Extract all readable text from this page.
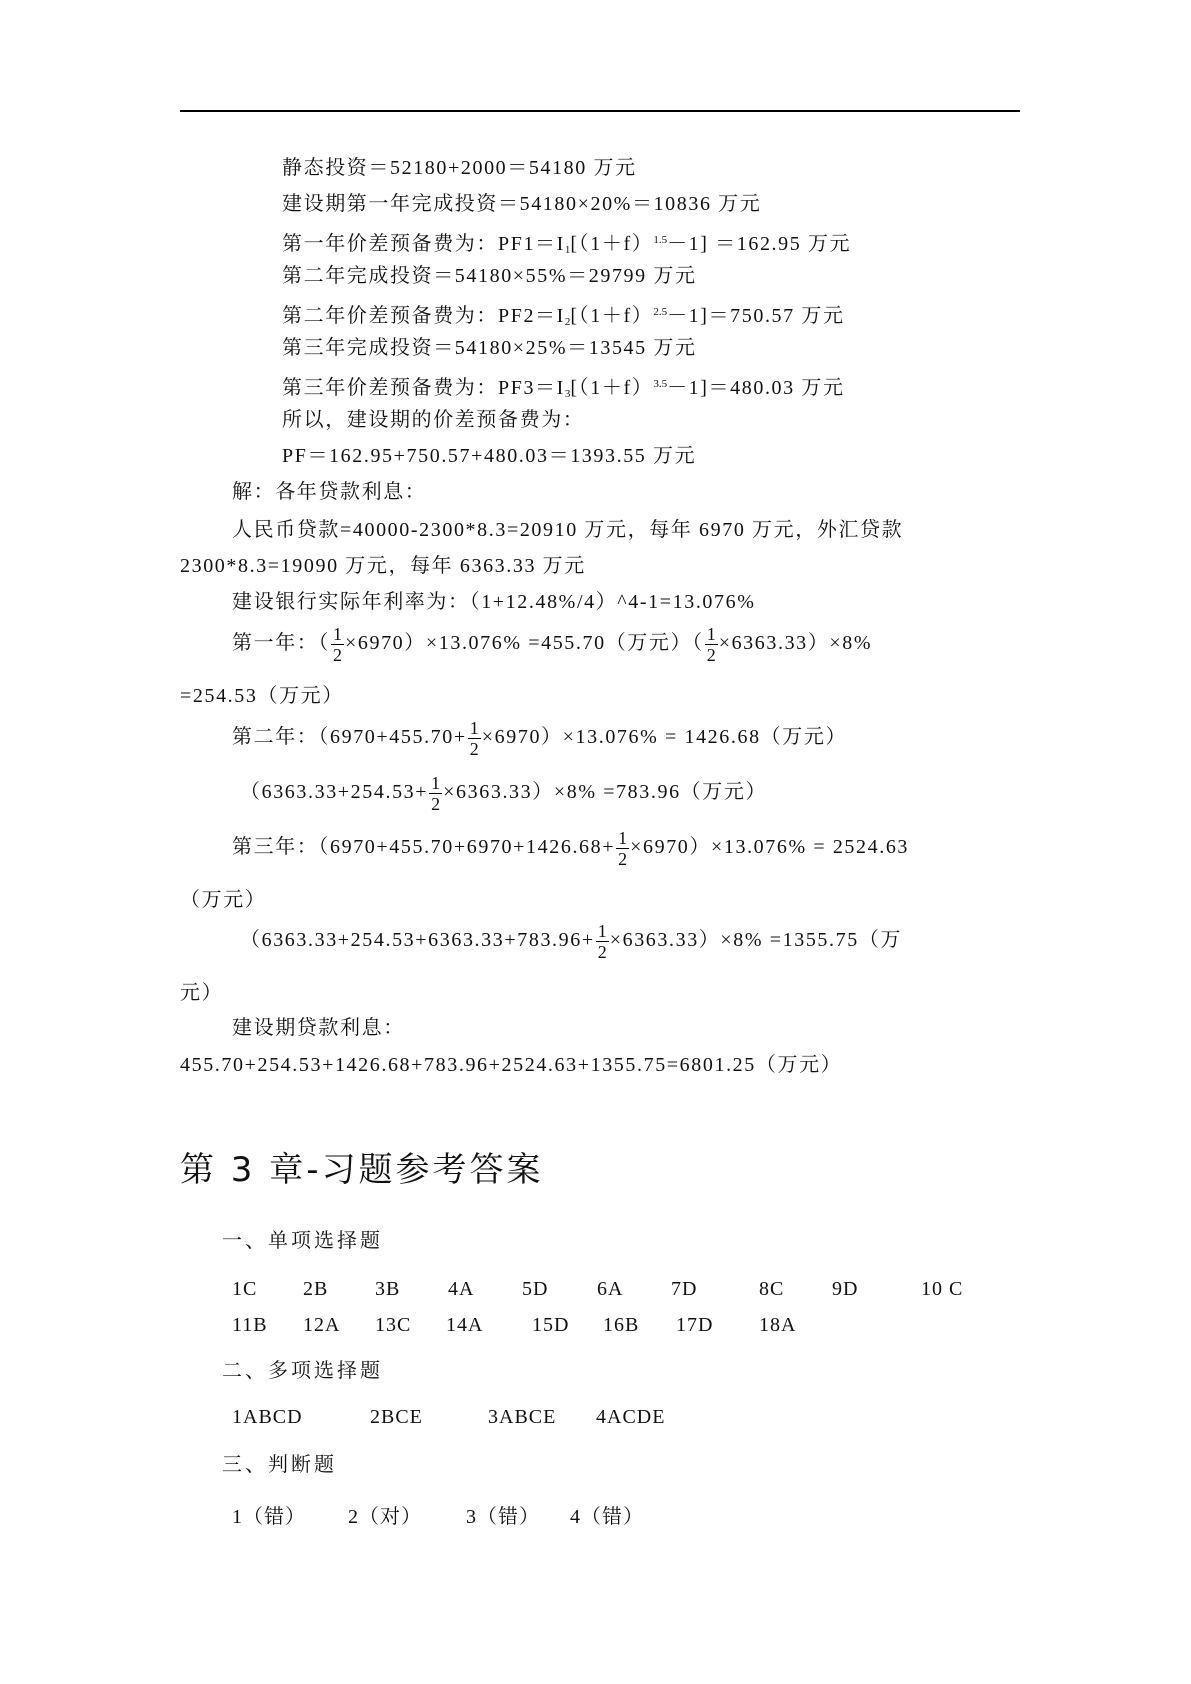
静态投资＝52180+2000＝54180 万元
建设期第一年完成投资＝54180×20%＝10836 万元
第一年价差预备费为：$PF1=I_1[(1+f)^{1.5}-1] =162.95$ 万元
第二年完成投资＝54180×55%＝29799 万元
第二年价差预备费为：$PF2=I_2[(1+f)^{2.5}-1]=750.57$ 万元
第三年完成投资＝54180×25%＝13545 万元
第三年价差预备费为：$PF3=I_3[(1+f)^{3.5}-1]=480.03$ 万元
所以，建设期的价差预备费为：
PF＝162.95+750.57+480.03＝1393.55 万元
解：各年贷款利息：
人民币贷款=40000-2300*8.3=20910 万元，每年 6970 万元，外汇贷款
2300*8.3=19090 万元，每年 6363.33 万元
建设银行实际年利率为：（1+12.48%/4）^4-1=13.076%
第一年：（ $\frac{1}{2} \times 6970)\times 13.076\% =455.70$（万元）（ $\frac{1}{2} \times 6363.33)\times 8\%$
=254.53（万元）
第二年：$(6970+455.70+ \frac{1}{2} \times 6970)\times 13.076\% = 1426.68$（万元）
$(6363.33+254.53+ \frac{1}{2} \times 6363.33)\times 8\% =783.96$（万元）
第三年：$(6970+455.70+6970+1426.68+ \frac{1}{2} \times 6970)\times 13.076\% = 2524.63$
（万元）
$(6363.33+254.53+6363.33+783.96+ \frac{1}{2} \times 6363.33)\times 8\% =1355.75$（万
元）
建设期贷款利息：
455.70+254.53+1426.68+783.96+2524.63+1355.75=6801.25（万元）
第 3 章-习题参考答案
一、单项选择题
1C 2B 3B 4A 5D 6A 7D	8C 9D	10 C
11B 12A 13C 14A 15D 16B 17D 18A
二、多项选择题
1ABCD	2BCE	3ABCE 4ACDE
三、判断题
1（错） 2（对） 3（错） 4（错）
